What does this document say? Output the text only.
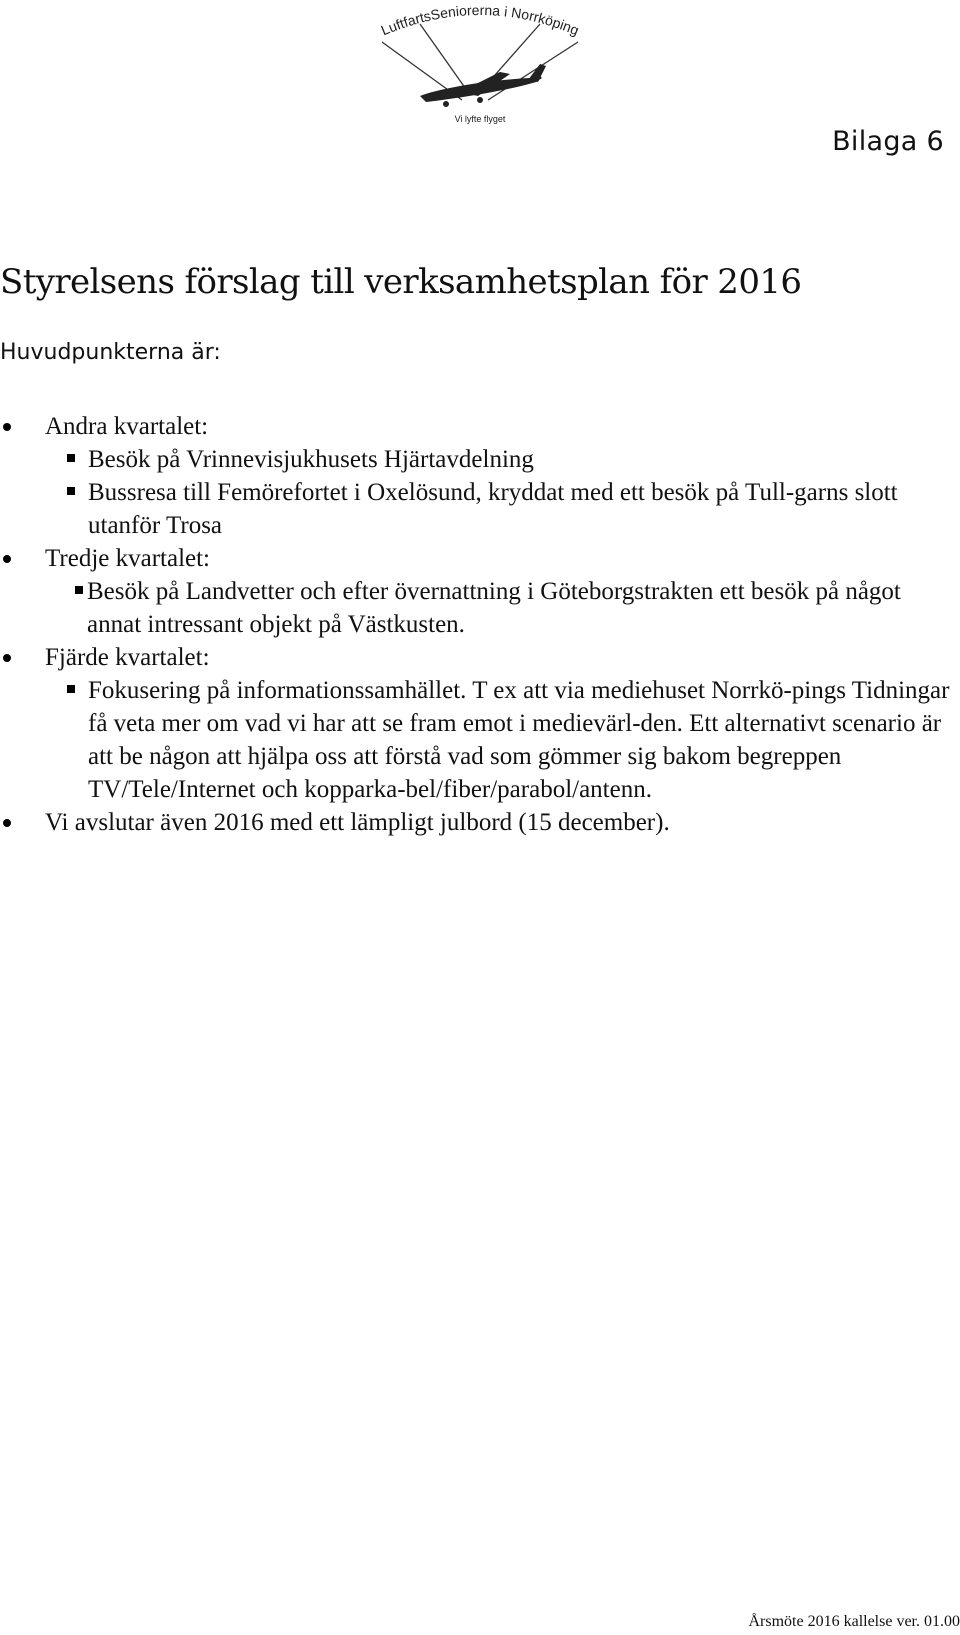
LuftfartsSeniorerna i Norrköping
Vi lyfte flyget
Bilaga 6
Styrelsens förslag till verksamhetsplan för 2016
Huvudpunkterna är:
Andra kvartalet:
Besök på Vrinnevisjukhusets Hjärtavdelning
Bussresa till Femörefortet i Oxelösund, kryddat med ett besök på Tull-garns slott utanför Trosa
Tredje kvartalet:
Besök på Landvetter och efter övernattning i Göteborgstrakten ett besök på något annat intressant objekt på Västkusten.
Fjärde kvartalet:
Fokusering på informationssamhället. T ex att via mediehuset Norrkö-pings Tidningar få veta mer om vad vi har att se fram emot i medievärl-den. Ett alternativt scenario är att be någon att hjälpa oss att förstå vad som gömmer sig bakom begreppen TV/Tele/Internet och kopparka-bel/fiber/parabol/antenn.
Vi avslutar även 2016 med ett lämpligt julbord (15 december).
Årsmöte 2016 kallelse ver. 01.00
